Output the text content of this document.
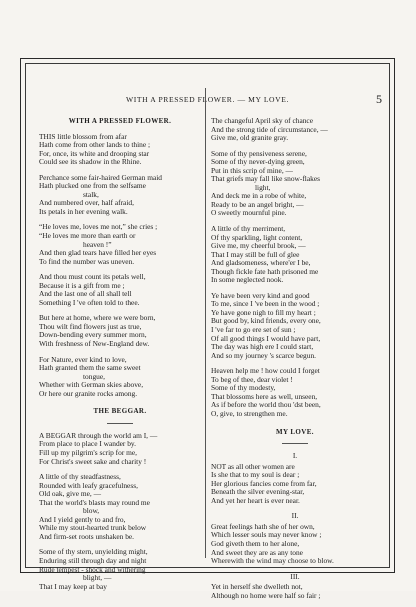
WITH A PRESSED FLOWER. — MY LOVE.	5
WITH A PRESSED FLOWER.
THIS little blossom from afar
Hath come from other lands to thine ;
For, once, its white and drooping star
Could see its shadow in the Rhine.
Perchance some fair-haired German maid
Hath plucked one from the selfsame
stalk,
And numbered over, half afraid,
Its petals in her evening walk.
“He loves me, loves me not,” she cries ;
“He loves me more than earth or
heaven !”
And then glad tears have filled her eyes
To find the number was uneven.
And thou must count its petals well,
Because it is a gift from me ;
And the last one of all shall tell
Something I 've often told to thee.
But here at home, where we were born,
Thou wilt find flowers just as true,
Down-bending every summer morn,
With freshness of New-England dew.
For Nature, ever kind to love,
Hath granted them the same sweet
tongue,
Whether with German skies above,
Or here our granite rocks among.
THE BEGGAR.
A BEGGAR through the world am I, —
From place to place I wander by.
Fill up my pilgrim's scrip for me,
For Christ's sweet sake and charity !
A little of thy steadfastness,
Rounded with leafy gracefulness,
Old oak, give me, —
That the world's blasts may round me
blow,
And I yield gently to and fro,
While my stout-hearted trunk below
And firm-set roots unshaken be.
Some of thy stern, unyielding might,
Enduring still through day and night
Rude tempest - shock and withering
blight, —
That I may keep at bay
The changeful April sky of chance
And the strong tide of circumstance, —
Give me, old granite gray.
Some of thy pensiveness serene,
Some of thy never-dying green,
Put in this scrip of mine, —
That griefs may fall like snow-flakes
light,
And deck me in a robe of white,
Ready to be an angel bright, —
O sweetly mournful pine.
A little of thy merriment,
Of thy sparkling, light content,
Give me, my cheerful brook, —
That I may still be full of glee
And gladsomeness, where'er I be,
Though fickle fate hath prisoned me
In some neglected nook.
Ye have been very kind and good
To me, since I 've been in the wood ;
Ye have gone nigh to fill my heart ;
But good by, kind friends, every one,
I 've far to go ere set of sun ;
Of all good things I would have part,
The day was high ere I could start,
And so my journey 's scarce begun.
Heaven help me ! how could I forget
To beg of thee, dear violet !
Some of thy modesty,
That blossoms here as well, unseen,
As if before the world thou 'dst been,
O, give, to strengthen me.
MY LOVE.
I.
NOT as all other women are
Is she that to my soul is dear ;
Her glorious fancies come from far,
Beneath the silver evening-star,
And yet her heart is ever near.
II.
Great feelings hath she of her own,
Which lesser souls may never know ;
God giveth them to her alone,
And sweet they are as any tone
Wherewith the wind may choose to blow.
III.
Yet in herself she dwelleth not,
Although no home were half so fair ;
